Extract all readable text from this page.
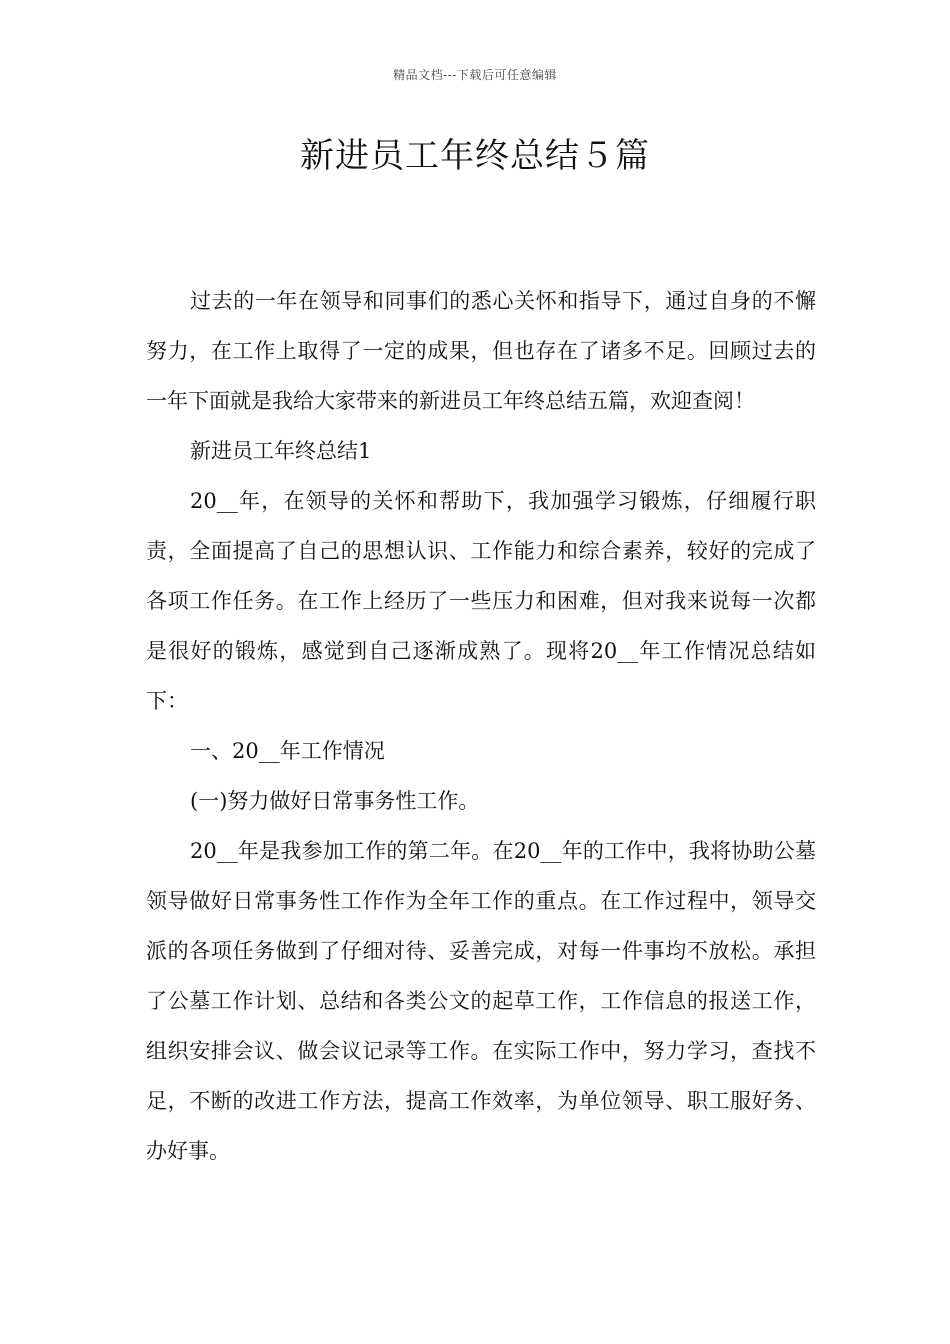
精品文档---下载后可任意编辑
新进员工年终总结５篇

过去的一年在领导和同事们的悉心关怀和指导下，通过自身的不懈努力，在工作上取得了一定的成果，但也存在了诸多不足。回顾过去的一年下面就是我给大家带来的新进员工年终总结五篇，欢迎查阅！

新进员工年终总结1

20__年，在领导的关怀和帮助下，我加强学习锻炼，仔细履行职责，全面提高了自己的思想认识、工作能力和综合素养，较好的完成了各项工作任务。在工作上经历了一些压力和困难，但对我来说每一次都是很好的锻炼，感觉到自己逐渐成熟了。现将20__年工作情况总结如下：

一、20__年工作情况

(一)努力做好日常事务性工作。

20__年是我参加工作的第二年。在20__年的工作中，我将协助公墓领导做好日常事务性工作作为全年工作的重点。在工作过程中，领导交派的各项任务做到了仔细对待、妥善完成，对每一件事均不放松。承担了公墓工作计划、总结和各类公文的起草工作，工作信息的报送工作，组织安排会议、做会议记录等工作。在实际工作中，努力学习，查找不足，不断的改进工作方法，提高工作效率，为单位领导、职工服好务、办好事。
